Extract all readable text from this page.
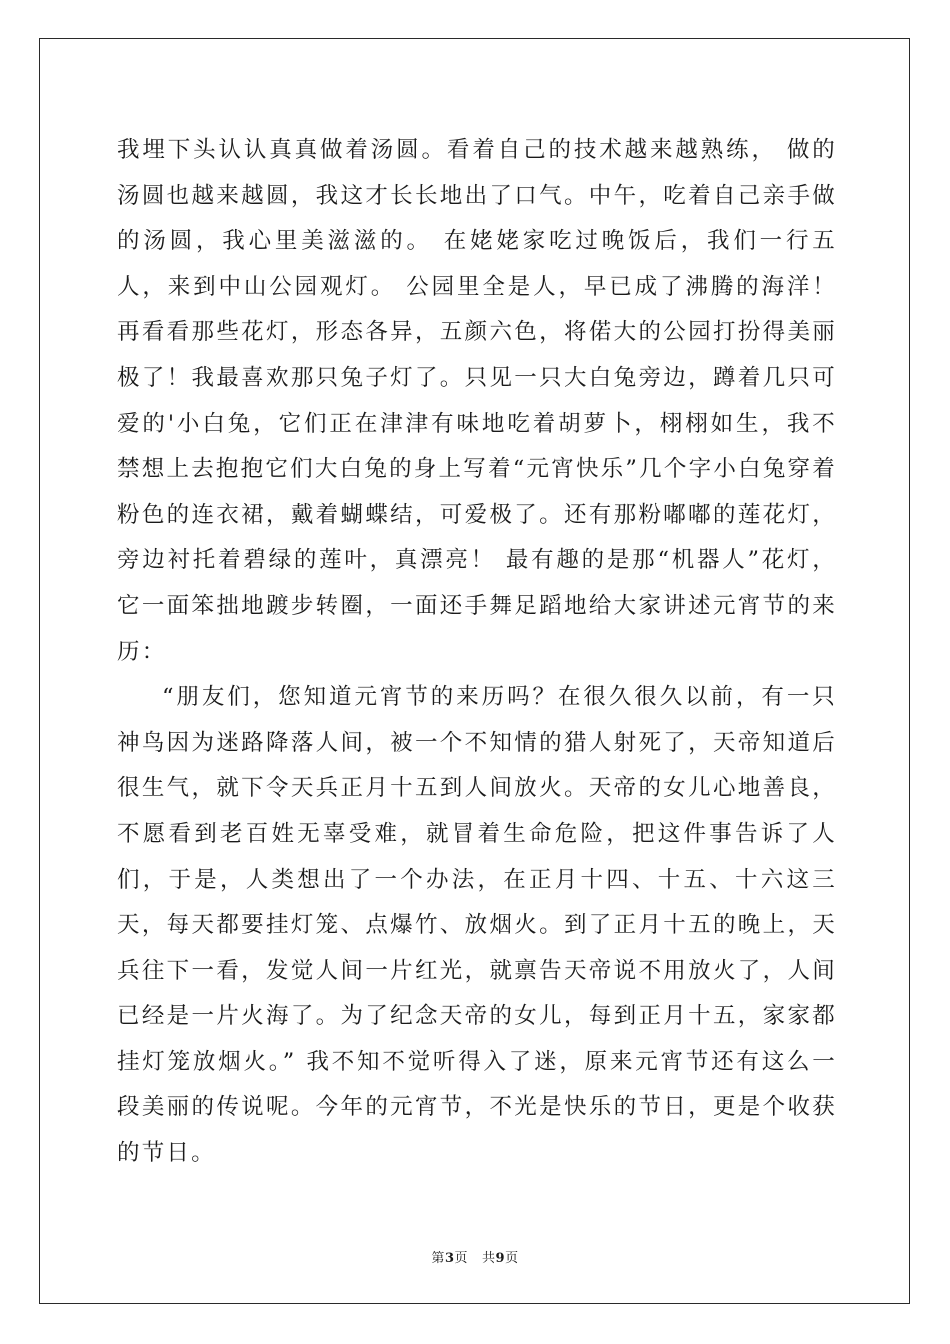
我埋下头认认真真做着汤圆。看着自己的技术越来越熟练， 做的汤圆也越来越圆，我这才长长地出了口气。中午，吃着自己亲手做的汤圆，我心里美滋滋的。 在姥姥家吃过晚饭后，我们一行五人，来到中山公园观灯。 公园里全是人，早已成了沸腾的海洋！再看看那些花灯，形态各异，五颜六色，将偌大的公园打扮得美丽极了！我最喜欢那只兔子灯了。只见一只大白兔旁边，蹲着几只可爱的'小白兔，它们正在津津有味地吃着胡萝卜，栩栩如生，我不禁想上去抱抱它们大白兔的身上写着“元宵快乐”几个字小白兔穿着粉色的连衣裙，戴着蝴蝶结，可爱极了。还有那粉嘟嘟的莲花灯，旁边衬托着碧绿的莲叶，真漂亮！ 最有趣的是那“机器人”花灯，它一面笨拙地踱步转圈，一面还手舞足蹈地给大家讲述元宵节的来历：

“朋友们，您知道元宵节的来历吗？在很久很久以前，有一只神鸟因为迷路降落人间，被一个不知情的猎人射死了，天帝知道后很生气，就下令天兵正月十五到人间放火。天帝的女儿心地善良，不愿看到老百姓无辜受难，就冒着生命危险，把这件事告诉了人们，于是，人类想出了一个办法，在正月十四、十五、十六这三天，每天都要挂灯笼、点爆竹、放烟火。到了正月十五的晚上，天兵往下一看，发觉人间一片红光，就禀告天帝说不用放火了，人间已经是一片火海了。为了纪念天帝的女儿，每到正月十五，家家都挂灯笼放烟火。” 我不知不觉听得入了迷，原来元宵节还有这么一段美丽的传说呢。今年的元宵节，不光是快乐的节日，更是个收获的节日。

第3页 共9页
